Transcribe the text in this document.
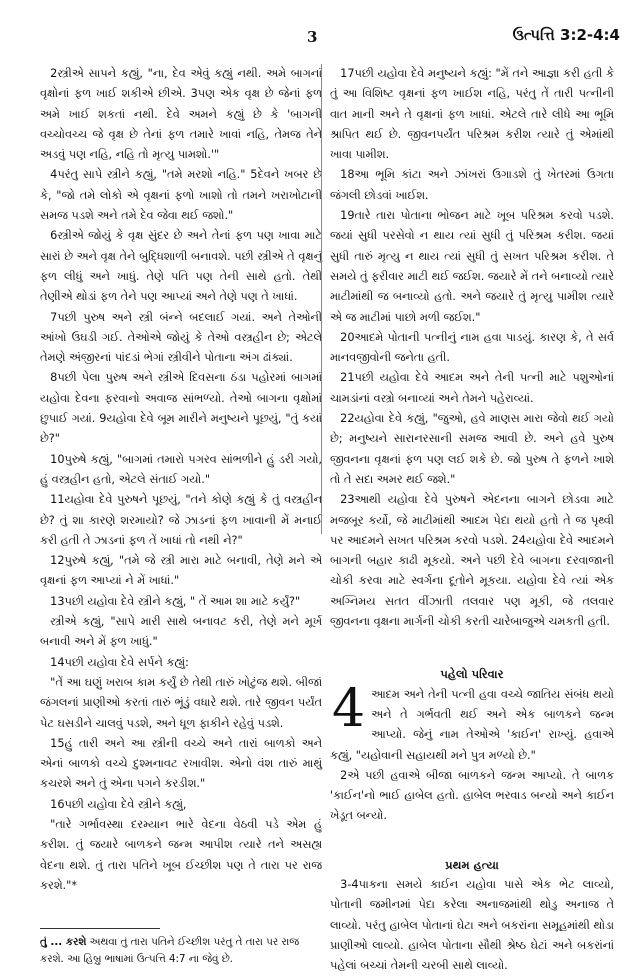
3	ઉત્પત્તિ 3:2-4:4

2સ્ત્રીએ સાપને કહ્યું, "ના, દેવ એવું કહ્યું નથી. અમે બાગનાં વૃક્ષોનાં ફળ ખાઈ શકીએ છીએ. 3પણ એક વૃક્ષ છે જેનાં ફળ અમે ખાઈ શકતાં નથી. દેવે અમને કહ્યું છે કે 'બાગની વચ્ચોવચ્ચ જે વૃક્ષ છે તેનાં ફળ તમારે ખાવાં નહિ, તેમજ તેને અડવું પણ નહિ, નહિ તો મૃત્યુ પામશો.'"

4પરંતુ સાપે સ્ત્રીને કહ્યું, "તમે મરશો નહિ." 5દેવને ખબર છે કે, "જો તમે લોકો એ વૃક્ષનાં ફળો ખાશો તો તમને ખરાખોટાની સમજ પડશે અને તમે દેવ જેવા થઈ જશો."

6સ્ત્રીએ જોયું કે વૃક્ષ સુંદર છે અને તેનાં ફળ પણ ખાવા માટે સારાં છે અને વૃક્ષ તેને બુદ્ધિશાળી બનાવશે. પછી સ્ત્રીએ તે વૃક્ષનું ફળ લીધું અને ખાધું. તેણે પતિ પણ તેની સાથે હતો. તેથી તેણીએ થોડાં ફળ તેને પણ આપ્યાં અને તેણે પણ તે ખાધાં.

7પછી પુરુષ અને સ્ત્રી બંન્ને બદલાઈ ગયાં. અને તેઓની આંખો ઉઘડી ગઈ. તેઓએ જોયું કે તેઓ વસ્ત્રહીન છે; એટલે તેમણે અંજીરનાં પાંદડાં ભેગાં સ્ત્રીવીને પોતાના અંગ ઢાંક્યાં.

8પછી પેલા પુરુષ અને સ્ત્રીએ દિવસના ઠંડા પહોરમાં બાગમાં યહોવા દેવના ફરવાનો અવાજ સાંભળ્યો. તેઓ બાગના વૃક્ષોમાં છુપાઈ ગયાં. 9યહોવા દેવે બૂમ મારીને મનુષ્યને પૂછયું, "તું કયાં છે?"

10પુરુષે કહ્યું, "બાગમાં તમારો પગરવ સાંભળીને હું ડરી ગયો, હું વસ્ત્રહીન હતો, એટલે સંતાઈ ગયો."

11યહોવા દેવે પુરુષને પૂછયું, "તને કોણે કહ્યું કે તું વસ્ત્રહીન છે? તું શા કારણે શરમાયો? જે ઝાડનાં ફળ ખાવાની મેં મનાઈ કરી હતી તે ઝાડનાં ફળ તેં ખાધાં તો નથી ને?"

12પુરુષે કહ્યું, "તમે જે સ્ત્રી મારા માટે બનાવી, તેણે મને એ વૃક્ષનાં ફળ આપ્યાં ને મેં ખાધાં."

13પછી યહોવા દેવે સ્ત્રીને કહ્યું, " તેં આમ શા માટે કર્યું?"

સ્ત્રીએ કહ્યું, "સાપે મારી સાથે બનાવટ કરી, તેણે મને મૂર્ખ બનાવી અને મેં ફળ ખાધું."

14પછી યહોવા દેવે સર્પને કહ્યું:

"તેં આ ઘણું ખરાબ કામ કર્યું છે તેથી તારું ખોટુંજ થશે. બીજાં જંગલનાં પ્રાણીઓ કરતાં તારું ભૂંડું વધારે થશે. તારે જીવન પર્યંત પેટ ઘસડીને ચાલવું પડશે, અને ધૂળ ફાકીને રહેવું પડશે.

15હું તારી અને આ સ્ત્રીની વચ્ચે અને તારાં બાળકો અને એનાં બાળકો વચ્ચે દુશ્મનાવટ રખાવીશ. એનો વંશ તારું માથું કચરશે અને તું એના પગને કરડીશ."

16પછી યહોવા દેવે સ્ત્રીને કહ્યું,

"તારે ગર્ભાવસ્થા દરમ્યાન ભારે વેદના વેઠવી પડે એમ હું કરીશ. તું જયારે બાળકને જન્મ આપીશ ત્યારે તને અસહ્ય વેદના થશે. તું તારા પતિને ખૂબ ઈચ્છીશ પણ તે તારા પર રાજ કરશે."*

17પછી યહોવા દેવે મનુષ્યને કહ્યું: "મેં તને આજ્ઞા કરી હતી કે તું આ વિશિષ્ટ વૃક્ષનાં ફળ ખાઈશ નહિ, પરંતુ તેં તારી પત્નીની વાત માની અને તે વૃક્ષનાં ફળ ખાધાં. એટલે તારે લીધે આ ભૂમિ શ્રાપિત થઈ છે. જીવનપર્યંત પરિશ્રમ કરીશ ત્યારે તું એમાંથી ખાવા પામીશ.

18આ ભૂમિ કાંટા અને ઝાંખરાં ઉગાડશે તું ખેતરમાં ઉગતા જંગલી છોડવાં ખાઈશ.

19તારે તારા પોતાના ભોજન માટે ખૂબ પરિશ્રમ કરવો પડશે. જયાં સુધી પરસેવો ન થાય ત્યાં સુધી તું પરિશ્રમ કરીશ. જયાં સુધી તારું મૃત્યુ ન થાય ત્યાં સુધી તું સખત પરિશ્રમ કરીશ. તે સમયે તું ફરીવાર માટી થઈ જઈશ. જયારે મેં તને બનાવ્યો ત્યારે માટીમાંથી જ બનાવ્યો હતો. અને જયારે તું મૃત્યુ પામીશ ત્યારે એ જ માટીમાં પાછો મળી જઈશ."

20આદમે પોતાની પત્નીનું નામ હવા પાડયું. કારણ કે, તે સર્વ માનવજીવોની જનેતા હતી.

21પછી યહોવા દેવે આદમ અને તેની પત્ની માટે પશુઓનાં ચામડાંનાં વસ્ત્રો બનાવ્યાં અને તેમને પહેરાવ્યાં.

22યહોવા દેવે કહ્યું, "જુઓ, હવે માણસ મારા જેવો થઈ ગયો છે; મનુષ્યને સારાનરસાની સમજ આવી છે. અને હવે પુરુષ જીવનના વૃક્ષનાં ફળ પણ લઈ શકે છે. જો પુરુષ તે ફળને ખાશે તો તે સદા અમર થઈ જશે."

23આથી યહોવા દેવે પુરુષને એદનના બાગને છોડવા માટે મજબૂર કર્યો, જે માટીમાંથી આદમ પેદા થયો હતો તે જ પૃથ્વી પર આદમને સખત પરિશ્રમ કરવો પડશે. 24યહોવા દેવે આદમને બાગની બહાર કાઢી મૂકયો. અને પછી દેવે બાગના દરવાજાની ચોકી કરવા માટે સ્વર્ગના દૂતોને મૂકયા. યહોવા દેવે ત્યાં એક અગ્નિમય સતત વીંઝાતી તલવાર પણ મૂકી, જે તલવાર જીવનના વૃક્ષના માર્ગની ચોકી કરતી ચારેબાજુએ ચમકતી હતી.

પહેલો પરિવાર

4 આદમ અને તેની પત્ની હવા વચ્ચે જાતિય સંબંધ થયો અને તે ગર્ભવતી થઈ અને એક બાળકને જન્મ આપ્યો. જેનું નામ તેઓએ 'કાઈન' રાખ્યું. હવાએ કહ્યું, "યહોવાની સહાયથી મને પુત્ર મળ્યો છે."

2એ પછી હવાએ બીજા બાળકને જન્મ આપ્યો. તે બાળક 'કાઈન'નો ભાઈ હાબેલ હતો. હાબેલ ભરવાડ બન્યો અને કાઈન ખેડૂત બન્યો.

પ્રથમ હત્યા

3-4પાકના સમયે કાઈન યહોવા પાસે એક ભેટ લાવ્યો, પોતાની જમીનમાં પેદા કરેલા અનાજમાંથી થોડુ અનાજ તે લાવ્યો. પરંતુ હાબેલ પોતાનાં ઘેટા અને બકરાંના સમૂહમાંથી થોડા પ્રાણીઓ લાવ્યો. હાબેલ પોતાના સૌથી શ્રેષ્ઠ ઘેટાં અને બકરાંનાં પહેલાં બચ્ચાં તેમની ચરબી સાથે લાવ્યો.

તું ... કરશે અથવા તું તારા પતિને ઈચ્છીશ પરંતુ તે તારા પર રાજ કરશે. આ હિબ્રુ ભાષામાં ઉત્પત્તિ 4:7 ના જેવું છે.
